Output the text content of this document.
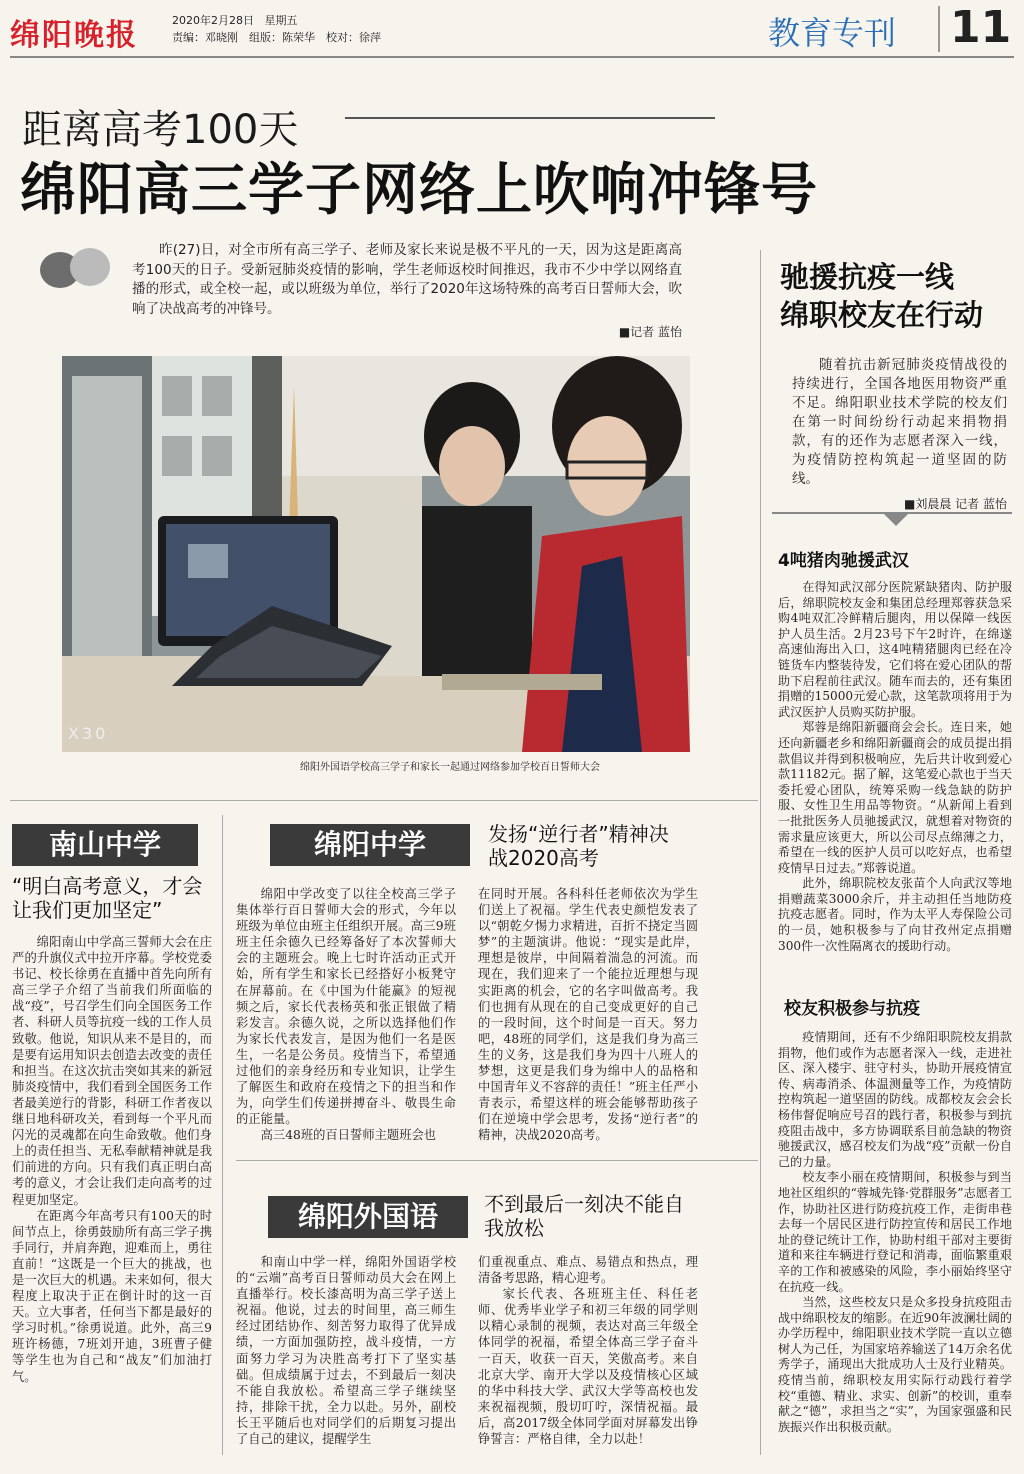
绵阳晚报	2020年2月28日 星期五
责编：邓晓刚　组版：陈荣华　校对：徐萍	教育专刊 11
距离高考100天
绵阳高三学子网络上吹响冲锋号
昨(27)日，对全市所有高三学子、老师及家长来说是极不平凡的一天，因为这是距离高考100天的日子。受新冠肺炎疫情的影响，学生老师返校时间推迟，我市不少中学以网络直播的形式，或全校一起，或以班级为单位，举行了2020年这场特殊的高考百日誓师大会，吹响了决战高考的冲锋号。
■记者 蓝怡
X30
绵阳外国语学校高三学子和家长一起通过网络参加学校百日誓师大会
南山中学
“明白高考意义，才会让我们更加坚定”

绵阳南山中学高三誓师大会在庄严的升旗仪式中拉开序幕。学校党委书记、校长徐勇在直播中首先向所有高三学子介绍了当前我们所面临的战“疫”，号召学生们向全国医务工作者、科研人员等抗疫一线的工作人员致敬。他说，知识从来不是目的，而是要有运用知识去创造去改变的责任和担当。在这次抗击突如其来的新冠肺炎疫情中，我们看到全国医务工作者最美逆行的背影，科研工作者夜以继日地科研攻关，看到每一个平凡而闪光的灵魂都在向生命致敬。他们身上的责任担当、无私奉献精神就是我们前进的方向。只有我们真正明白高考的意义，才会让我们走向高考的过程更加坚定。

在距离今年高考只有100天的时间节点上，徐勇鼓励所有高三学子携手同行，并肩奔跑，迎难而上，勇往直前！“这既是一个巨大的挑战，也是一次巨大的机遇。未来如何，很大程度上取决于正在倒计时的这一百天。立大事者，任何当下都是最好的学习时机。”徐勇说道。此外，高三9班许杨德，7班刘开迪，3班曹子健等学生也为自己和“战友”们加油打气。

绵阳中学	发扬“逆行者”精神决战2020高考

绵阳中学改变了以往全校高三学子集体举行百日誓师大会的形式，今年以班级为单位由班主任组织开展。高三9班班主任余德久已经筹备好了本次誓师大会的主题班会。晚上七时许活动正式开始，所有学生和家长已经搭好小板凳守在屏幕前。在《中国为什能赢》的短视频之后，家长代表杨英和张正银做了精彩发言。余德久说，之所以选择他们作为家长代表发言，是因为他们一名是医生，一名是公务员。疫情当下，希望通过他们的亲身经历和专业知识，让学生了解医生和政府在疫情之下的担当和作为，向学生们传递拼搏奋斗、敬畏生命的正能量。

高三48班的百日誓师主题班会也

在同时开展。各科科任老师依次为学生们送上了祝福。学生代表史颜恺发表了以“朝乾夕惕力求精进，百折不挠定当圆梦”的主题演讲。他说：“现实是此岸，理想是彼岸，中间隔着湍急的河流。而现在，我们迎来了一个能拉近理想与现实距离的机会，它的名字叫做高考。我们也拥有从现在的自己变成更好的自己的一段时间，这个时间是一百天。努力吧，48班的同学们，这是我们身为高三生的义务，这是我们身为四十八班人的梦想，这更是我们身为绵中人的品格和中国青年义不容辞的责任！”班主任严小青表示，希望这样的班会能够帮助孩子们在逆境中学会思考，发扬“逆行者”的精神，决战2020高考。

绵阳外国语	不到最后一刻决不能自我放松

和南山中学一样，绵阳外国语学校的“云端”高考百日誓师动员大会在网上直播举行。校长漆高明为高三学子送上祝福。他说，过去的时间里，高三师生经过团结协作、刻苦努力取得了优异成绩，一方面加强防控，战斗疫情，一方面努力学习为决胜高考打下了坚实基础。但成绩属于过去，不到最后一刻决不能自我放松。希望高三学子继续坚持，排除干扰，全力以赴。另外，副校长王平随后也对同学们的后期复习提出了自己的建议，提醒学生

们重视重点、难点、易错点和热点，理清备考思路，精心迎考。

家长代表、各班班主任、科任老师、优秀毕业学子和初三年级的同学则以精心录制的视频，表达对高三年级全体同学的祝福，希望全体高三学子奋斗一百天，收获一百天，笑傲高考。来自北京大学、南开大学以及疫情核心区域的华中科技大学、武汉大学等高校也发来祝福视频，殷切叮咛，深情祝福。最后，高2017级全体同学面对屏幕发出铮铮誓言：严格自律，全力以赴！

驰援抗疫一线
绵职校友在行动
随着抗击新冠肺炎疫情战役的持续进行，全国各地医用物资严重不足。绵阳职业技术学院的校友们在第一时间纷纷行动起来捐物捐款，有的还作为志愿者深入一线，为疫情防控构筑起一道坚固的防线。
■刘晨晨 记者 蓝怡
4吨猪肉驰援武汉

在得知武汉部分医院紧缺猪肉、防护服后，绵职院校友金和集团总经理郑蓉获急采购4吨双汇冷鲜精后腿肉，用以保障一线医护人员生活。2月23号下午2时许，在绵遂高速仙海出入口，这4吨精猪腿肉已经在冷链货车内整装待发，它们将在爱心团队的帮助下启程前往武汉。随车而去的，还有集团捐赠的15000元爱心款，这笔款项将用于为武汉医护人员购买防护服。

郑蓉是绵阳新疆商会会长。连日来，她还向新疆老乡和绵阳新疆商会的成员提出捐款倡议并得到积极响应，先后共计收到爱心款11182元。据了解，这笔爱心款也于当天委托爱心团队，统筹采购一线急缺的防护服、女性卫生用品等物资。“从新闻上看到一批批医务人员驰援武汉，就想着对物资的需求量应该更大，所以公司尽点绵薄之力，希望在一线的医护人员可以吃好点，也希望疫情早日过去。”郑蓉说道。

此外，绵职院校友张苗个人向武汉等地捐赠蔬菜3000余斤，并主动担任当地防疫抗疫志愿者。同时，作为太平人寿保险公司的一员，她积极参与了向甘孜州定点捐赠300件一次性隔离衣的援助行动。

校友积极参与抗疫

疫情期间，还有不少绵阳职院校友捐款捐物，他们或作为志愿者深入一线，走进社区、深入楼宇、驻守村头，协助开展疫情宣传、病毒消杀、体温测量等工作，为疫情防控构筑起一道坚固的防线。成都校友会会长杨伟督促响应号召的践行者，积极参与到抗疫阻击战中，多方协调联系目前急缺的物资驰援武汉，感召校友们为战“疫”贡献一份自己的力量。

校友李小丽在疫情期间，积极参与到当地社区组织的“蓉城先锋·党群服务”志愿者工作，协助社区进行防疫抗疫工作，走街串巷去每一个居民区进行防控宣传和居民工作地址的登记统计工作，协助村组干部对主要街道和来往车辆进行登记和消毒，面临繁重艰辛的工作和被感染的风险，李小丽始终坚守在抗疫一线。

当然，这些校友只是众多投身抗疫阻击战中绵职校友的缩影。在近90年波澜壮阔的办学历程中，绵阳职业技术学院一直以立德树人为己任，为国家培养输送了14万余名优秀学子，涌现出大批成功人士及行业精英。疫情当前，绵职校友用实际行动践行着学校“重德、精业、求实、创新”的校训，重奉献之“德”，求担当之“实”，为国家强盛和民族振兴作出积极贡献。
